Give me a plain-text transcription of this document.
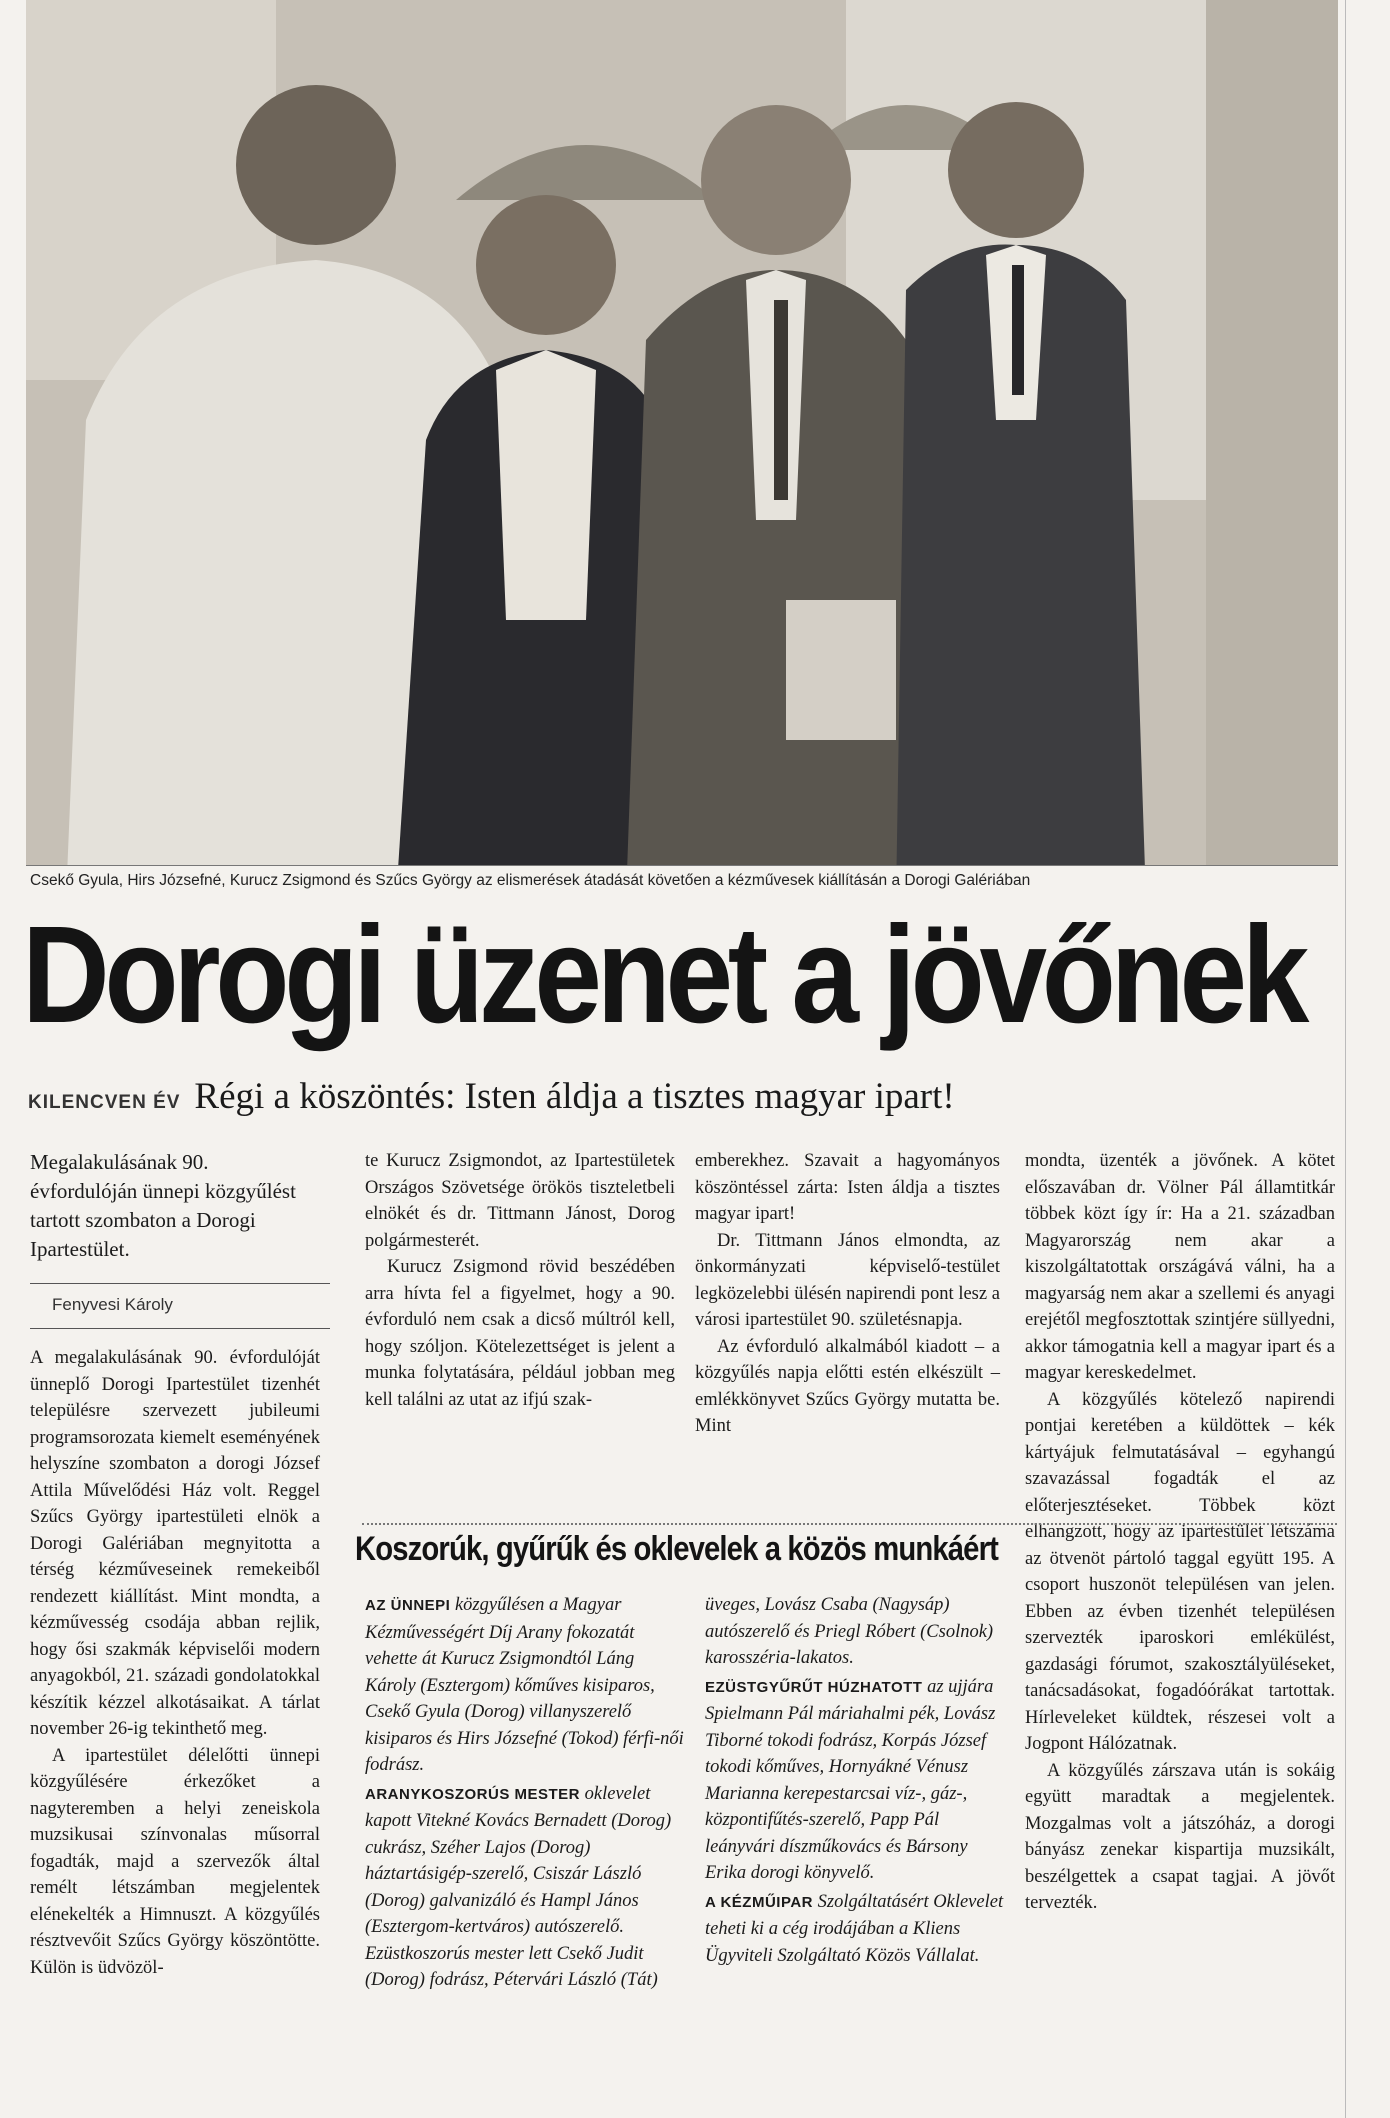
Csekő Gyula, Hirs Józsefné, Kurucz Zsigmond és Szűcs György az elismerések átadását követően a kézművesek kiállításán a Dorogi Galériában
Dorogi üzenet a jövőnek
KILENCVEN ÉV Régi a köszöntés: Isten áldja a tisztes magyar ipart!
Megalakulásának 90. évfordulóján ünnepi közgyűlést tartott szombaton a Dorogi Ipartestület.
Fenyvesi Károly

A megalakulásának 90. évfordulóját ünneplő Dorogi Ipartestület tizenhét településre szervezett jubileumi programsorozata kiemelt eseményének helyszíne szombaton a dorogi József Attila Művelődési Ház volt. Reggel Szűcs György ipartestületi elnök a Dorogi Galériában megnyitotta a térség kézműveseinek remekeiből rendezett kiállítást. Mint mondta, a kézművesség csodája abban rejlik, hogy ősi szakmák képviselői modern anyagokból, 21. századi gondolatokkal készítik kézzel alkotásaikat. A tárlat november 26-ig tekinthető meg.

A ipartestület délelőtti ünnepi közgyűlésére érkezőket a nagyteremben a helyi zeneiskola muzsikusai színvonalas műsorral fogadták, majd a szervezők által remélt létszámban megjelentek elénekelték a Himnuszt. A közgyűlés résztvevőit Szűcs György köszöntötte. Külön is üdvözöl-

te Kurucz Zsigmondot, az Ipartestületek Országos Szövetsége örökös tiszteletbeli elnökét és dr. Tittmann Jánost, Dorog polgármesterét.

Kurucz Zsigmond rövid beszédében arra hívta fel a figyelmet, hogy a 90. évforduló nem csak a dicső múltról kell, hogy szóljon. Kötelezettséget is jelent a munka folytatására, például jobban meg kell találni az utat az ifjú szak-

emberekhez. Szavait a hagyományos köszöntéssel zárta: Isten áldja a tisztes magyar ipart!

Dr. Tittmann János elmondta, az önkormányzati képviselő-testület legközelebbi ülésén napirendi pont lesz a városi ipartestület 90. születésnapja.

Az évforduló alkalmából kiadott – a közgyűlés napja előtti estén elkészült – emlékkönyvet Szűcs György mutatta be. Mint

mondta, üzenték a jövőnek. A kötet előszavában dr. Völner Pál államtitkár többek közt így ír: Ha a 21. században Magyarország nem akar a kiszolgáltatottak országává válni, ha a magyarság nem akar a szellemi és anyagi erejétől megfosztottak szintjére süllyedni, akkor támogatnia kell a magyar ipart és a magyar kereskedelmet.

A közgyűlés kötelező napirendi pontjai keretében a küldöttek – kék kártyájuk felmutatásával – egyhangú szavazással fogadták el az előterjesztéseket. Többek közt elhangzott, hogy az ipartestület létszáma az ötvenöt pártoló taggal együtt 195. A csoport huszonöt településen van jelen. Ebben az évben tizenhét településen szervezték iparoskori emlékülést, gazdasági fórumot, szakosztályüléseket, tanácsadásokat, fogadóórákat tartottak. Hírleveleket küldtek, részesei volt a Jogpont Hálózatnak.

A közgyűlés zárszava után is sokáig együtt maradtak a megjelentek. Mozgalmas volt a játszóház, a dorogi bányász zenekar kispartija muzsikált, beszélgettek a csapat tagjai. A jövőt tervezték.

Koszorúk, gyűrűk és oklevelek a közös munkáért

AZ ÜNNEPI közgyűlésen a Magyar Kézművességért Díj Arany fokozatát vehette át Kurucz Zsigmondtól Láng Károly (Esztergom) kőműves kisiparos, Csekő Gyula (Dorog) villanyszerelő kisiparos és Hirs Józsefné (Tokod) férfi-női fodrász.

ARANYKOSZORÚS MESTER oklevelet kapott Vitekné Kovács Bernadett (Dorog) cukrász, Széher Lajos (Dorog) háztartásigép-szerelő, Csiszár László (Dorog) galvanizáló és Hampl János (Esztergom-kertváros) autószerelő. Ezüstkoszorús mester lett Csekő Judit (Dorog) fodrász, Pétervári László (Tát)

üveges, Lovász Csaba (Nagysáp) autószerelő és Priegl Róbert (Csolnok) karosszéria-lakatos.

EZÜSTGYŰRŰT HÚZHATOTT az ujjára Spielmann Pál máriahalmi pék, Lovász Tiborné tokodi fodrász, Korpás József tokodi kőműves, Hornyákné Vénusz Marianna kerepestarcsai víz-, gáz-, központifűtés-szerelő, Papp Pál leányvári díszműkovács és Bársony Erika dorogi könyvelő.

A KÉZMŰIPAR Szolgáltatásért Oklevelet teheti ki a cég irodájában a Kliens Ügyviteli Szolgáltató Közös Vállalat.
